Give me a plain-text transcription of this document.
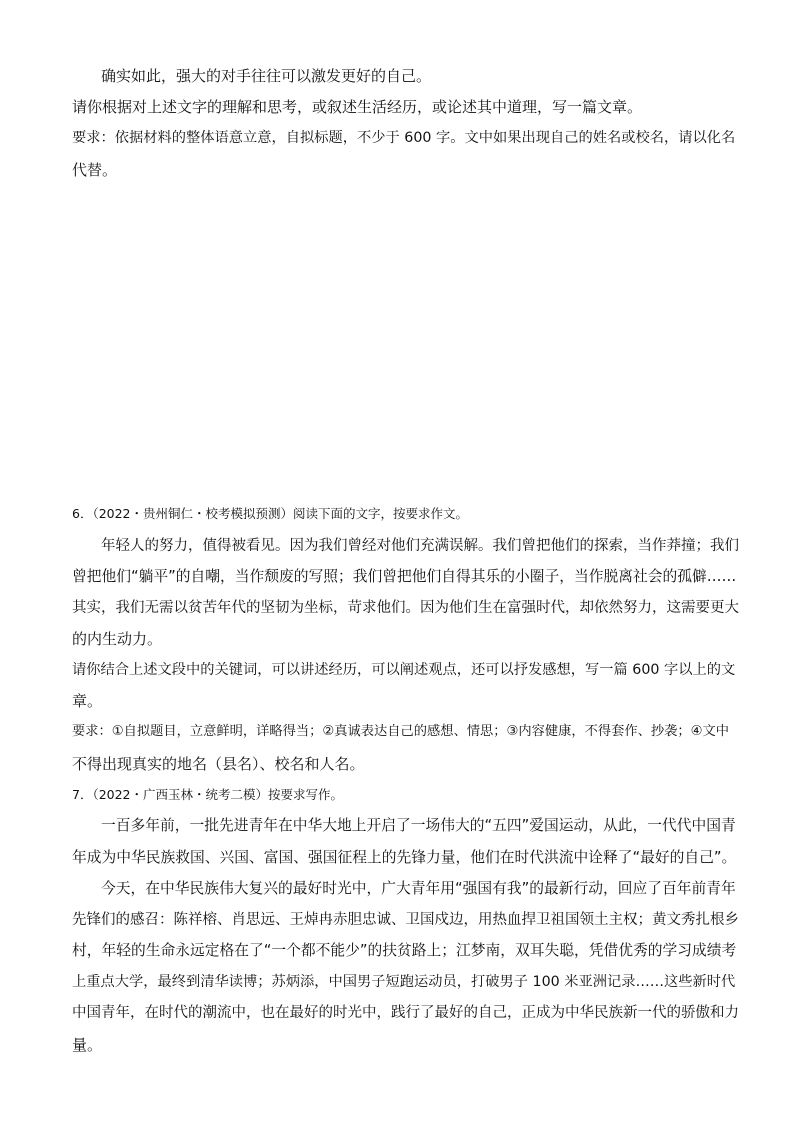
确实如此，强大的对手往往可以激发更好的自己。
请你根据对上述文字的理解和思考，或叙述生活经历，或论述其中道理，写一篇文章。
要求：依据材料的整体语意立意，自拟标题，不少于 600 字。文中如果出现自己的姓名或校名，请以化名
代替。
6．（2022・贵州铜仁・校考模拟预测）阅读下面的文字，按要求作文。
年轻人的努力，值得被看见。因为我们曾经对他们充满误解。我们曾把他们的探索，当作莽撞；我们
曾把他们“躺平”的自嘲，当作颓废的写照；我们曾把他们自得其乐的小圈子，当作脱离社会的孤僻……
其实，我们无需以贫苦年代的坚韧为坐标，苛求他们。因为他们生在富强时代，却依然努力，这需要更大
的内生动力。
请你结合上述文段中的关键词，可以讲述经历，可以阐述观点，还可以抒发感想，写一篇 600 字以上的文
章。
要求：①自拟题目，立意鲜明，详略得当；②真诚表达自己的感想、情思；③内容健康，不得套作、抄袭；④文中
不得出现真实的地名（县名）、校名和人名。
7．（2022・广西玉林・统考二模）按要求写作。
一百多年前，一批先进青年在中华大地上开启了一场伟大的“五四”爱国运动，从此，一代代中国青
年成为中华民族救国、兴国、富国、强国征程上的先锋力量，他们在时代洪流中诠释了“最好的自己”。
今天，在中华民族伟大复兴的最好时光中，广大青年用“强国有我”的最新行动，回应了百年前青年
先锋们的感召：陈祥榕、肖思远、王焯冉赤胆忠诚、卫国戍边，用热血捍卫祖国领土主权；黄文秀扎根乡
村，年轻的生命永远定格在了“一个都不能少”的扶贫路上；江梦南，双耳失聪，凭借优秀的学习成绩考
上重点大学，最终到清华读博；苏炳添，中国男子短跑运动员，打破男子 100 米亚洲记录……这些新时代
中国青年，在时代的潮流中，也在最好的时光中，践行了最好的自己，正成为中华民族新一代的骄傲和力
量。
